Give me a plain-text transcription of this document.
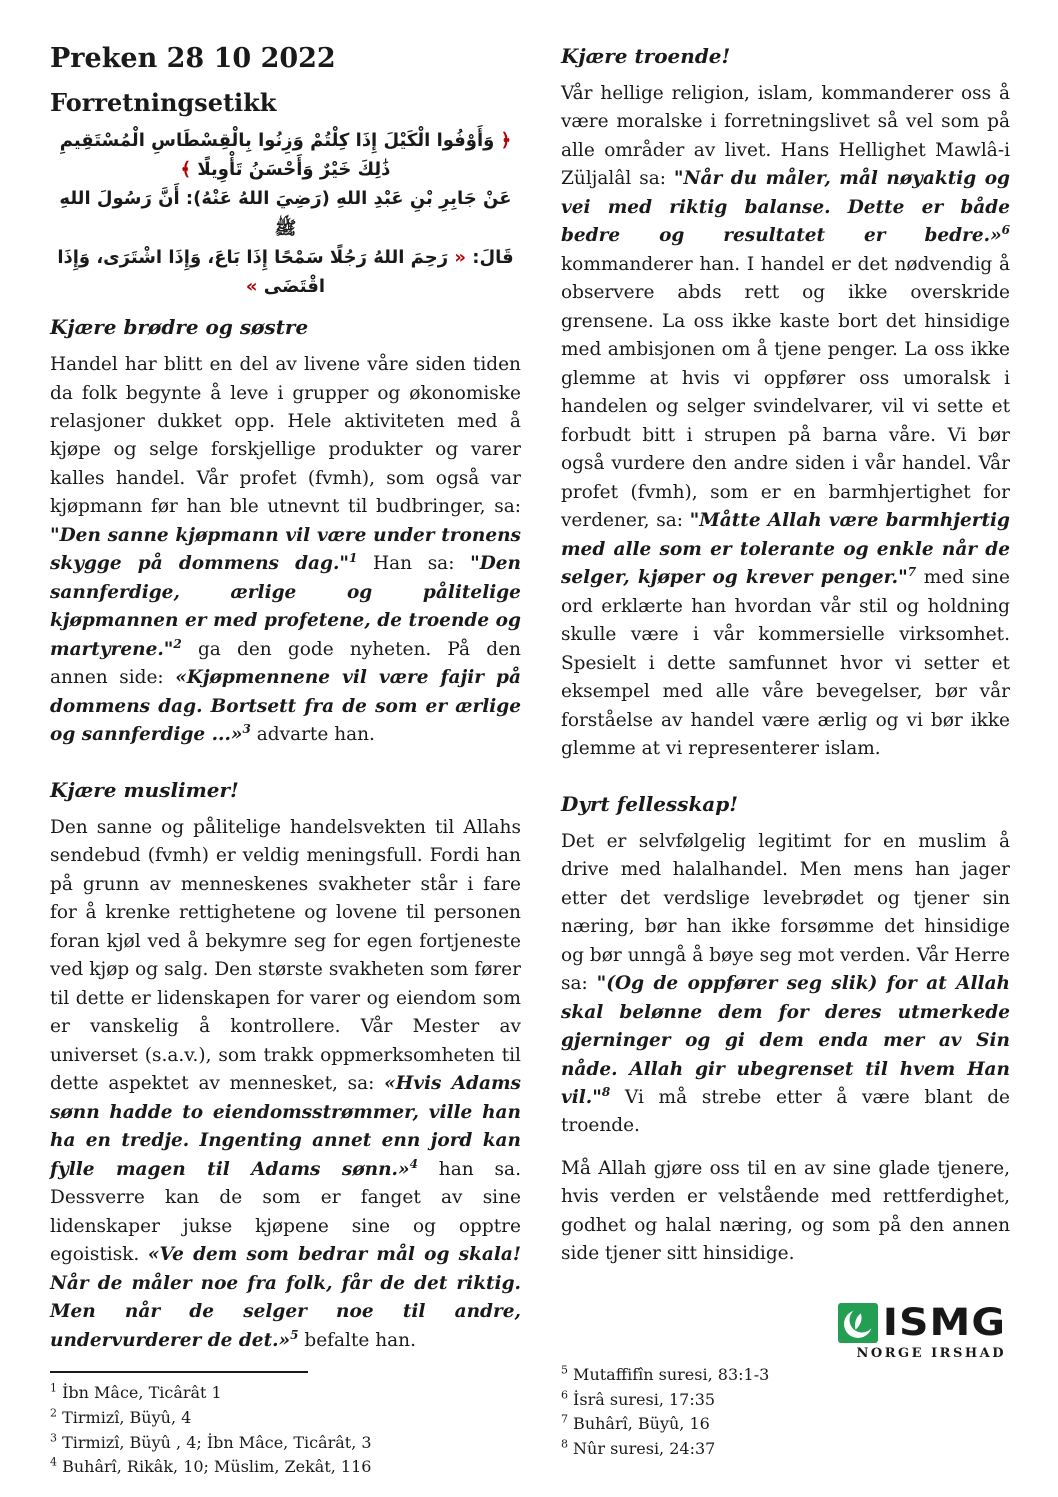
Preken 28 10 2022
Forretningsetikk
﴿ وَأَوْفُوا الْكَيْلَ إِذَا كِلْتُمْ وَزِنُوا بِالْقِسْطَاسِ الْمُسْتَقِيمِ ذَٰلِكَ خَيْرٌ وَأَحْسَنُ تَأْوِيلًا ﴾
عَنْ جَابِرِ بْنِ عَبْدِ اللهِ (رَضِيَ اللهُ عَنْهُ): أَنَّ رَسُولَ اللهِ ﷺ
قَالَ: « رَحِمَ اللهُ رَجُلًا سَمْحًا إِذَا بَاعَ، وَإِذَا اشْتَرَى، وَإِذَا اقْتَضَى »
Kjære brødre og søstre

Handel har blitt en del av livene våre siden tiden da folk begynte å leve i grupper og økonomiske relasjoner dukket opp. Hele aktiviteten med å kjøpe og selge forskjellige produkter og varer kalles handel. Vår profet (fvmh), som også var kjøpmann før han ble utnevnt til budbringer, sa: "Den sanne kjøpmann vil være under tronens skygge på dommens dag."$^1$ Han sa: "Den sannferdige, ærlige og pålitelige kjøpmannen er med profetene, de troende og martyrene."$^2$ ga den gode nyheten. På den annen side: «Kjøpmennene vil være fajir på dommens dag. Bortsett fra de som er ærlige og sannferdige ...»$^3$ advarte han.

Kjære muslimer!

Den sanne og pålitelige handelsvekten til Allahs sendebud (fvmh) er veldig meningsfull. Fordi han på grunn av menneskenes svakheter står i fare for å krenke rettighetene og lovene til personen foran kjøl ved å bekymre seg for egen fortjeneste ved kjøp og salg. Den største svakheten som fører til dette er lidenskapen for varer og eiendom som er vanskelig å kontrollere. Vår Mester av universet (s.a.v.), som trakk oppmerksomheten til dette aspektet av mennesket, sa: «Hvis Adams sønn hadde to eiendomsstrømmer, ville han ha en tredje. Ingenting annet enn jord kan fylle magen til Adams sønn.»$^4$ han sa. Dessverre kan de som er fanget av sine lidenskaper jukse kjøpene sine og opptre egoistisk. «Ve dem som bedrar mål og skala! Når de måler noe fra folk, får de det riktig. Men når de selger noe til andre, undervurderer de det.»$^5$ befalte han.

$^1$ İbn Mâce, Ticârât 1
$^2$ Tirmizî, Büyû, 4
$^3$ Tirmizî, Büyû , 4; İbn Mâce, Ticârât, 3
$^4$ Buhârî, Rikâk, 10; Müslim, Zekât, 116
Kjære troende!

Vår hellige religion, islam, kommanderer oss å være moralske i forretningslivet så vel som på alle områder av livet. Hans Hellighet Mawlâ-i Züljalâl sa: "Når du måler, mål nøyaktig og vei med riktig balanse. Dette er både bedre og resultatet er bedre.»$^6$ kommanderer han. I handel er det nødvendig å observere abds rett og ikke overskride grensene. La oss ikke kaste bort det hinsidige med ambisjonen om å tjene penger. La oss ikke glemme at hvis vi oppfører oss umoralsk i handelen og selger svindelvarer, vil vi sette et forbudt bitt i strupen på barna våre. Vi bør også vurdere den andre siden i vår handel. Vår profet (fvmh), som er en barmhjertighet for verdener, sa: "Måtte Allah være barmhjertig med alle som er tolerante og enkle når de selger, kjøper og krever penger."$^7$ med sine ord erklærte han hvordan vår stil og holdning skulle være i vår kommersielle virksomhet. Spesielt i dette samfunnet hvor vi setter et eksempel med alle våre bevegelser, bør vår forståelse av handel være ærlig og vi bør ikke glemme at vi representerer islam.

Dyrt fellesskap!

Det er selvfølgelig legitimt for en muslim å drive med halalhandel. Men mens han jager etter det verdslige levebrødet og tjener sin næring, bør han ikke forsømme det hinsidige og bør unngå å bøye seg mot verden. Vår Herre sa: "(Og de oppfører seg slik) for at Allah skal belønne dem for deres utmerkede gjerninger og gi dem enda mer av Sin nåde. Allah gir ubegrenset til hvem Han vil."$^8$ Vi må strebe etter å være blant de troende.

Må Allah gjøre oss til en av sine glade tjenere, hvis verden er velstående med rettferdighet, godhet og halal næring, og som på den annen side tjener sitt hinsidige.

ISMG
NORGE IRSHAD
$^5$ Mutaffifîn suresi, 83:1-3
$^6$ İsrâ suresi, 17:35
$^7$ Buhârî, Büyû, 16
$^8$ Nûr suresi, 24:37
